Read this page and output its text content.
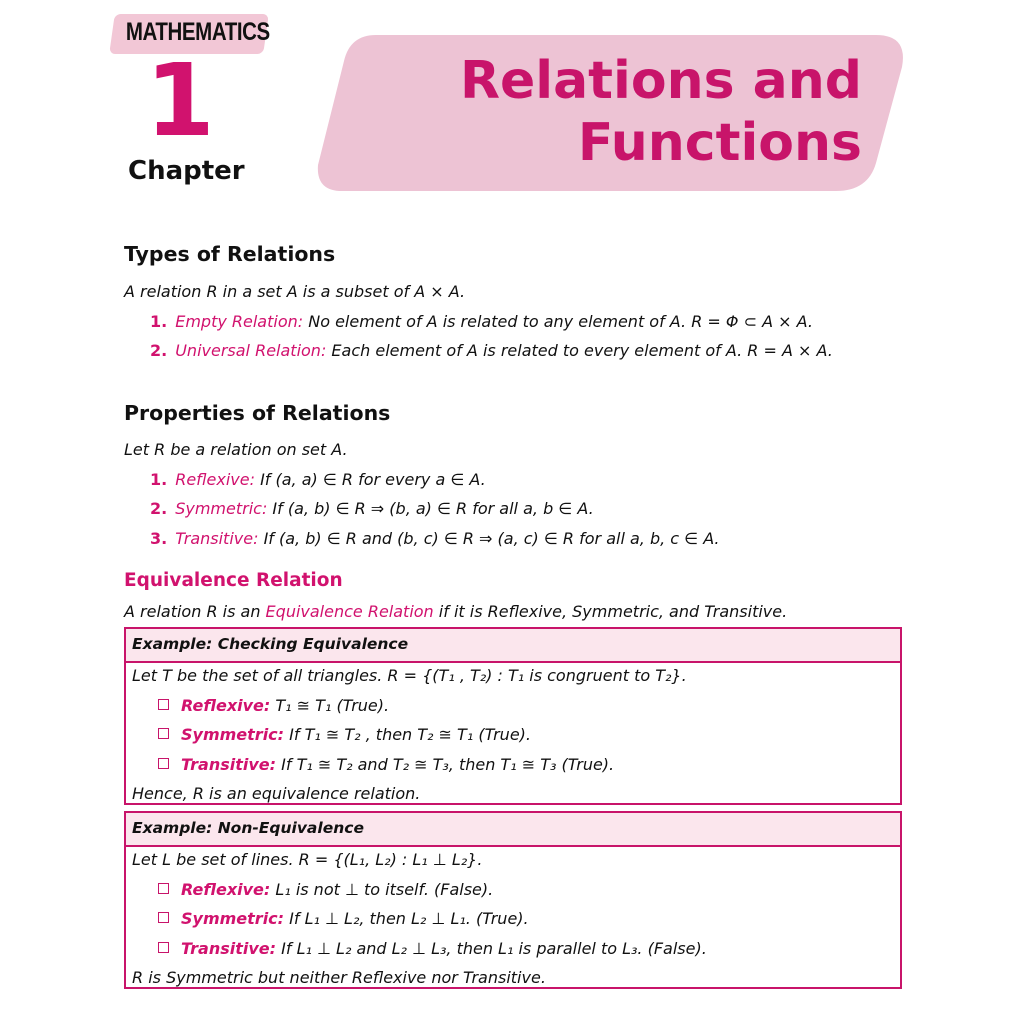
MATHEMATICS
1
Chapter
Relations and
Functions
Types of Relations
A relation R in a set A is a subset of A × A.
1. Empty Relation: No element of A is related to any element of A. R = Φ ⊂ A × A.
2. Universal Relation: Each element of A is related to every element of A. R = A × A.
Properties of Relations
Let R be a relation on set A.
1. Reflexive: If (a, a) ∈ R for every a ∈ A.
2. Symmetric: If (a, b) ∈ R ⇒ (b, a) ∈ R for all a, b ∈ A.
3. Transitive: If (a, b) ∈ R and (b, c) ∈ R ⇒ (a, c) ∈ R for all a, b, c ∈ A.
Equivalence Relation
A relation R is an Equivalence Relation if it is Reflexive, Symmetric, and Transitive.
Example: Checking Equivalence
Let T be the set of all triangles. R = {(T₁ , T₂) : T₁ is congruent to T₂}.
Reflexive: T₁ ≅ T₁ (True).
Symmetric: If T₁ ≅ T₂ , then T₂ ≅ T₁ (True).
Transitive: If T₁ ≅ T₂ and T₂ ≅ T₃, then T₁ ≅ T₃ (True).
Hence, R is an equivalence relation.
Example: Non-Equivalence
Let L be set of lines. R = {(L₁, L₂) : L₁ ⊥ L₂}.
Reflexive: L₁ is not ⊥ to itself. (False).
Symmetric: If L₁ ⊥ L₂, then L₂ ⊥ L₁. (True).
Transitive: If L₁ ⊥ L₂ and L₂ ⊥ L₃, then L₁ is parallel to L₃. (False).
R is Symmetric but neither Reflexive nor Transitive.
